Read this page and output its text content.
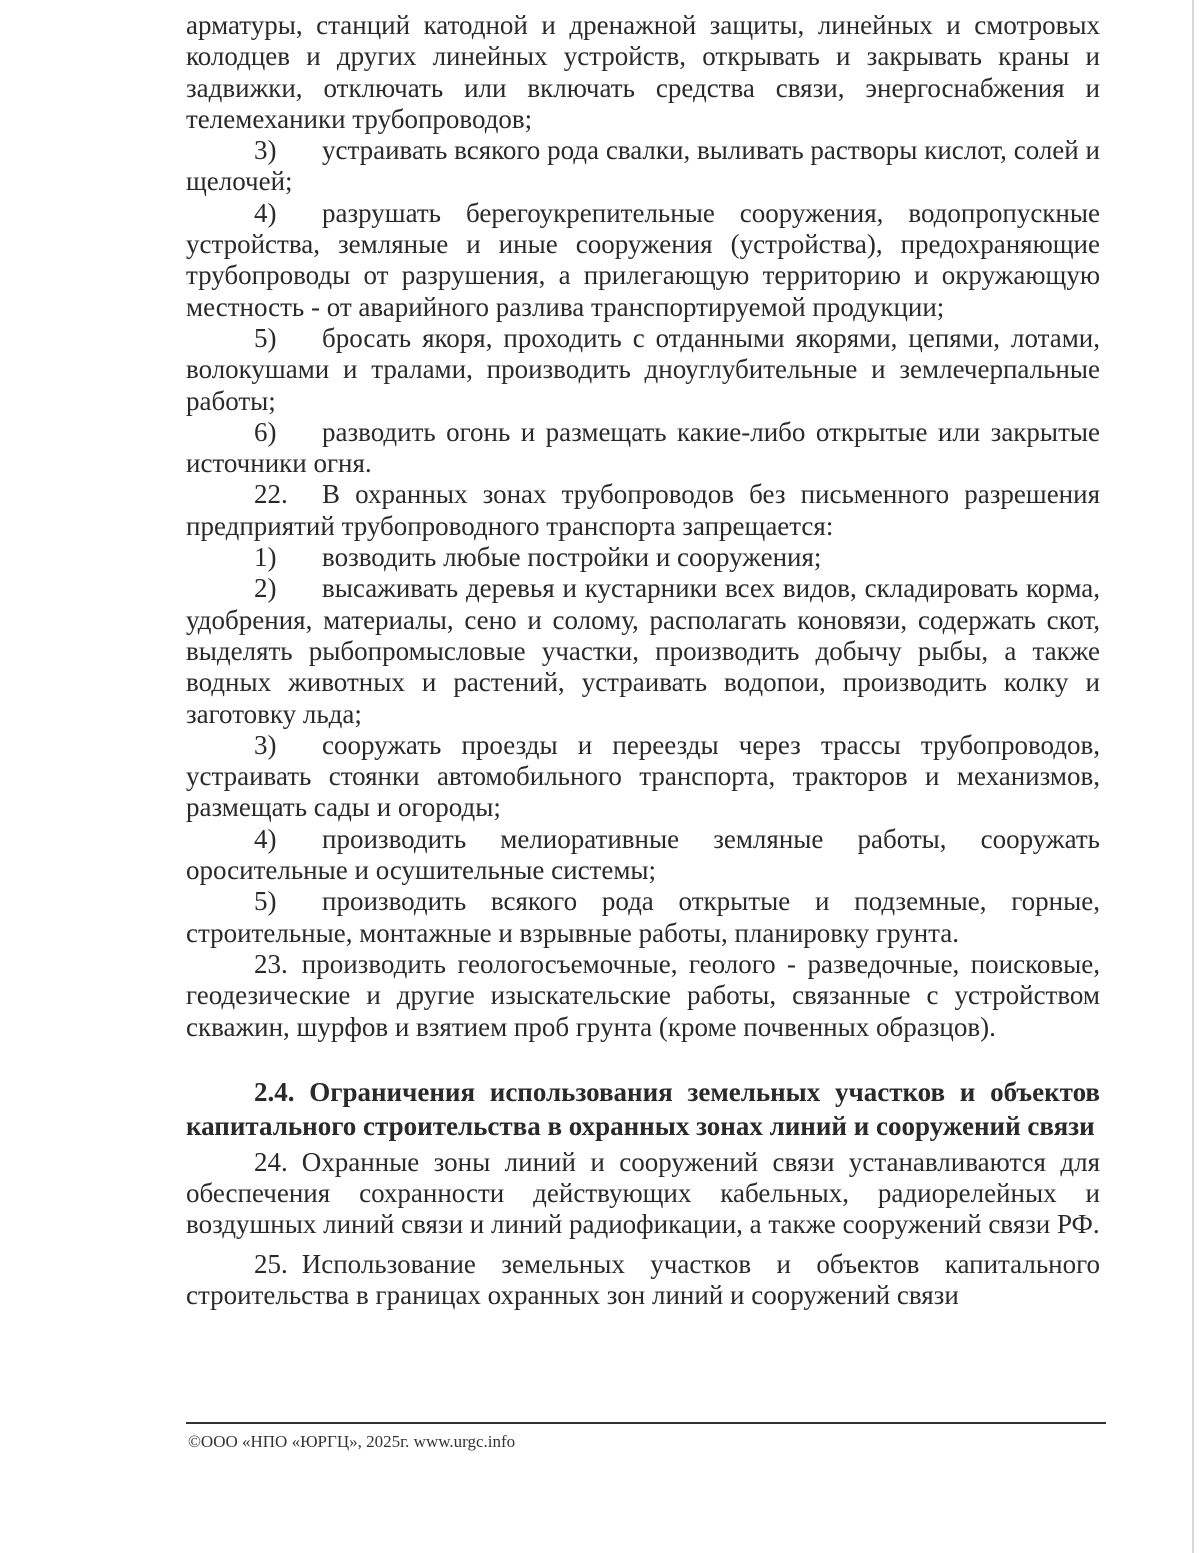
арматуры, станций катодной и дренажной защиты, линейных и смотровых колодцев и других линейных устройств, открывать и закрывать краны и задвижки, отключать или включать средства связи, энергоснабжения и телемеханики трубопроводов;

3) устраивать всякого рода свалки, выливать растворы кислот, солей и щелочей;

4) разрушать берегоукрепительные сооружения, водопропускные устройства, земляные и иные сооружения (устройства), предохраняющие трубопроводы от разрушения, а прилегающую территорию и окружающую местность - от аварийного разлива транспортируемой продукции;

5) бросать якоря, проходить с отданными якорями, цепями, лотами, волокушами и тралами, производить дноуглубительные и землечерпальные работы;

6) разводить огонь и размещать какие-либо открытые или закрытые источники огня.

22. В охранных зонах трубопроводов без письменного разрешения предприятий трубопроводного транспорта запрещается:

1) возводить любые постройки и сооружения;

2) высаживать деревья и кустарники всех видов, складировать корма, удобрения, материалы, сено и солому, располагать коновязи, содержать скот, выделять рыбопромысловые участки, производить добычу рыбы, а также водных животных и растений, устраивать водопои, производить колку и заготовку льда;

3) сооружать проезды и переезды через трассы трубопроводов, устраивать стоянки автомобильного транспорта, тракторов и механизмов, размещать сады и огороды;

4) производить мелиоративные земляные работы, сооружать оросительные и осушительные системы;

5) производить всякого рода открытые и подземные, горные, строительные, монтажные и взрывные работы, планировку грунта.

23. производить геологосъемочные, геолого - разведочные, поисковые, геодезические и другие изыскательские работы, связанные с устройством скважин, шурфов и взятием проб грунта (кроме почвенных образцов).

2.4. Ограничения использования земельных участков и объектов капитального строительства в охранных зонах линий и сооружений связи

24. Охранные зоны линий и сооружений связи устанавливаются для обеспечения сохранности действующих кабельных, радиорелейных и воздушных линий связи и линий радиофикации, а также сооружений связи РФ.

25. Использование земельных участков и объектов капитального строительства в границах охранных зон линий и сооружений связи

©ООО «НПО «ЮРГЦ», 2025г. www.urgc.info
